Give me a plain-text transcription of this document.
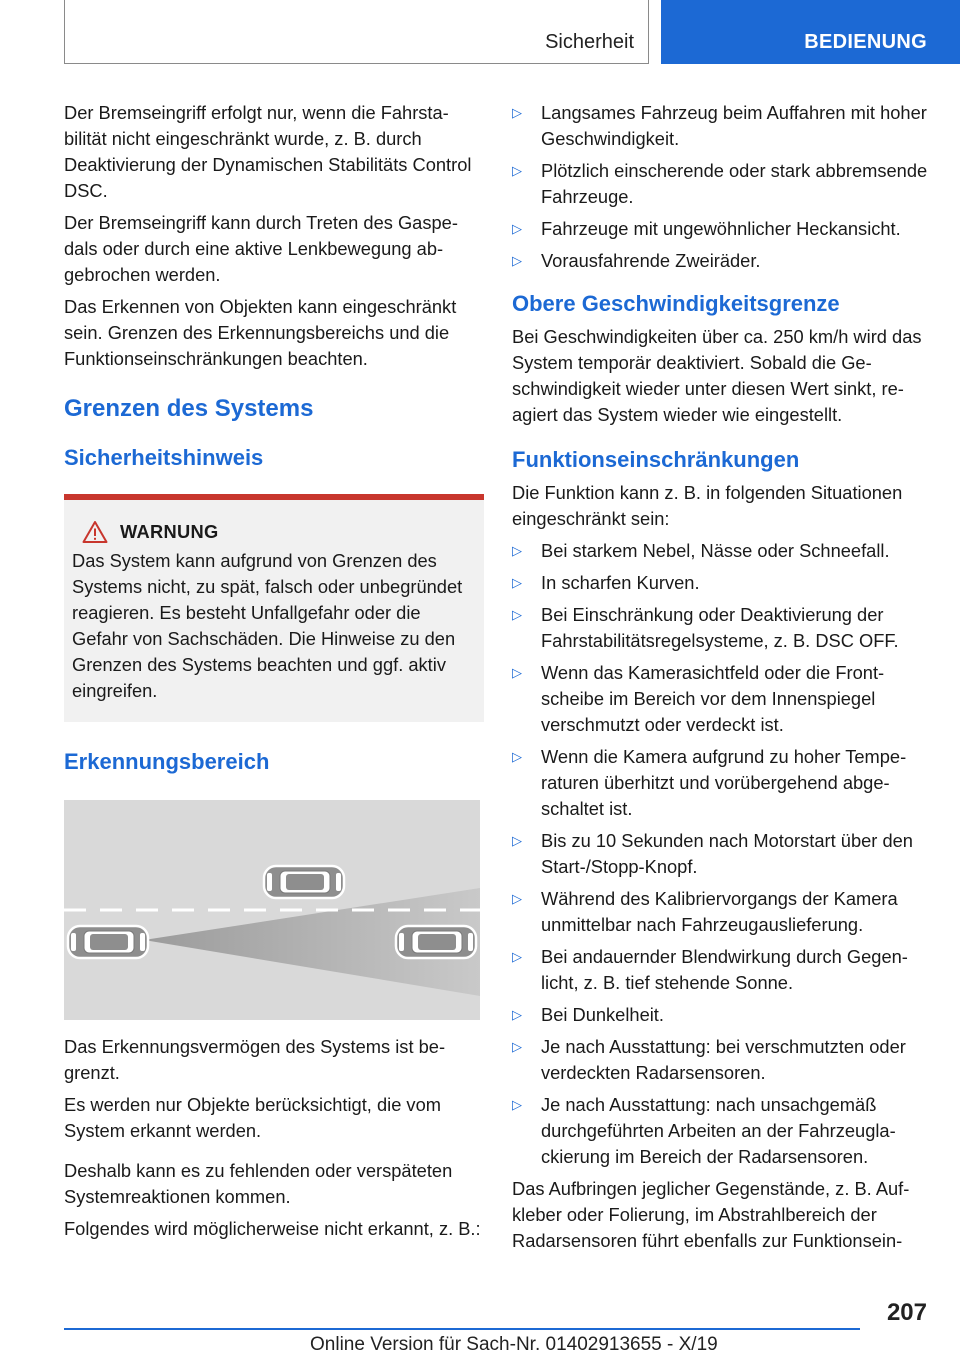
Sicherheit	BEDIENUNG

Der Bremseingriff erfolgt nur, wenn die Fahrstabilität nicht eingeschränkt wurde, z. B. durch Deaktivierung der Dynamischen Stabilitäts Control DSC.

Der Bremseingriff kann durch Treten des Gaspedals oder durch eine aktive Lenkbewegung abgebrochen werden.

Das Erkennen von Objekten kann eingeschränkt sein. Grenzen des Erkennungsbereichs und die Funktionseinschränkungen beachten.

Grenzen des Systems
Sicherheitshinweis
WARNUNG

Das System kann aufgrund von Grenzen des Systems nicht, zu spät, falsch oder unbegründet reagieren. Es besteht Unfallgefahr oder die Gefahr von Sachschäden. Die Hinweise zu den Grenzen des Systems beachten und ggf. aktiv eingreifen.

Erkennungsbereich

Das Erkennungsvermögen des Systems ist begrenzt.

Es werden nur Objekte berücksichtigt, die vom System erkannt werden.

Deshalb kann es zu fehlenden oder verspäteten Systemreaktionen kommen.

Folgendes wird möglicherweise nicht erkannt, z. B.:

▷ Langsames Fahrzeug beim Auffahren mit hoher Geschwindigkeit.
▷ Plötzlich einscherende oder stark abbremsende Fahrzeuge.
▷ Fahrzeuge mit ungewöhnlicher Heckansicht.
▷ Vorausfahrende Zweiräder.
Obere Geschwindigkeitsgrenze

Bei Geschwindigkeiten über ca. 250 km/h wird das System temporär deaktiviert. Sobald die Geschwindigkeit wieder unter diesen Wert sinkt, reagiert das System wieder wie eingestellt.

Funktionseinschränkungen

Die Funktion kann z. B. in folgenden Situationen eingeschränkt sein:

▷ Bei starkem Nebel, Nässe oder Schneefall.
▷ In scharfen Kurven.
▷ Bei Einschränkung oder Deaktivierung der Fahrstabilitätsregelsysteme, z. B. DSC OFF.
▷ Wenn das Kamerasichtfeld oder die Frontscheibe im Bereich vor dem Innenspiegel verschmutzt oder verdeckt ist.
▷ Wenn die Kamera aufgrund zu hoher Temperaturen überhitzt und vorübergehend abgeschaltet ist.
▷ Bis zu 10 Sekunden nach Motorstart über den Start-/Stopp-Knopf.
▷ Während des Kalibriervorgangs der Kamera unmittelbar nach Fahrzeugauslieferung.
▷ Bei andauernder Blendwirkung durch Gegenlicht, z. B. tief stehende Sonne.
▷ Bei Dunkelheit.
▷ Je nach Ausstattung: bei verschmutzten oder verdeckten Radarsensoren.
▷ Je nach Ausstattung: nach unsachgemäß durchgeführten Arbeiten an der Fahrzeuglackierung im Bereich der Radarsensoren.

Das Aufbringen jeglicher Gegenstände, z. B. Aufkleber oder Folierung, im Abstrahlbereich der Radarsensoren führt ebenfalls zur Funktionsein-

207
Online Version für Sach-Nr. 01402913655 - X/19
